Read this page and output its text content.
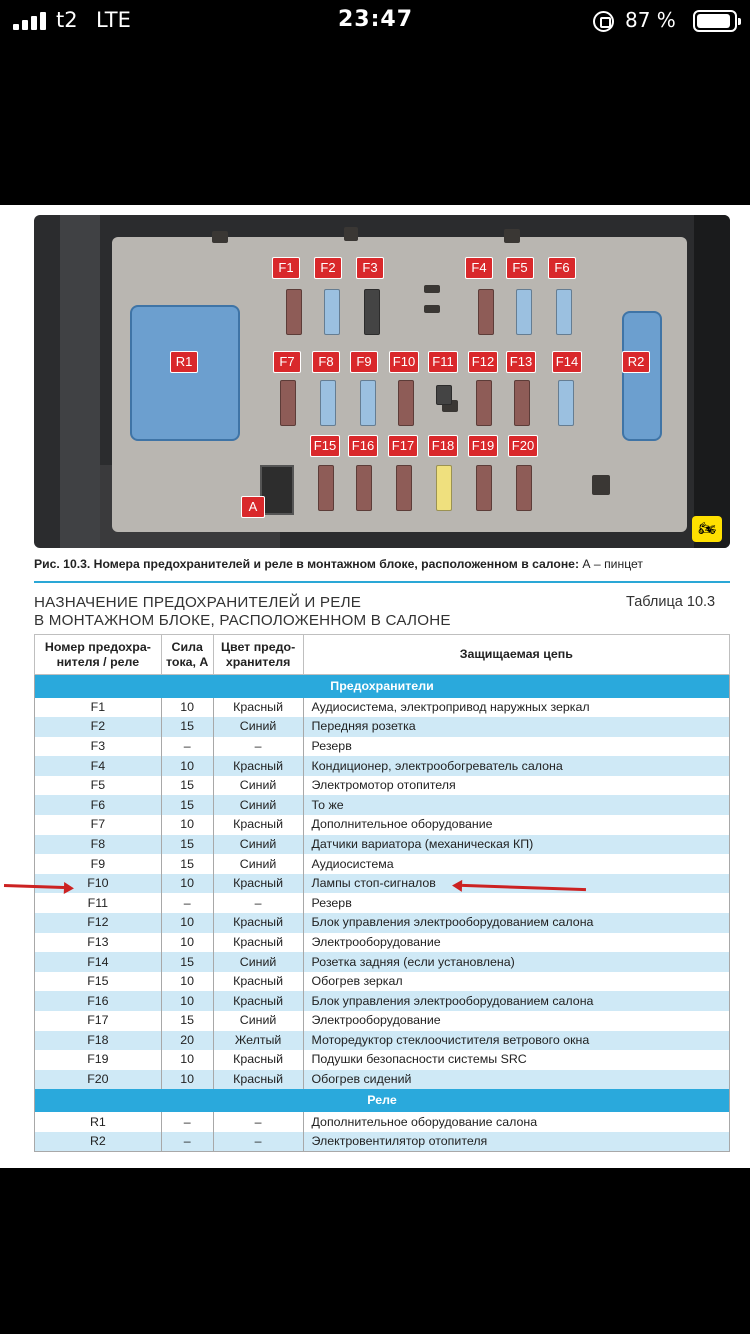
t2 LTE	23:47	87 %
F1	F2	F3	F4	F5	F6
F7	F8	F9	F10	F11	F12 F13 F14
F15 F16 F17 F18 F19 F20
R1	R2
A
🏍
Рис. 10.3. Номера предохранителей и реле в монтажном блоке, расположенном в салоне: А – пинцет
НАЗНАЧЕНИЕ ПРЕДОХРАНИТЕЛЕЙ И РЕЛЕ
В МОНТАЖНОМ БЛОКЕ, РАСПОЛОЖЕННОМ В САЛОНЕ
Таблица 10.3
Номер предохра- нителя / реле	Сила тока, А	Цвет предо- хранителя	Защищаемая цепь
Предохранители			
F1	10	Красный	Аудиосистема, электропривод наружных зеркал
F2	15	Синий	Передняя розетка
F3	–	–	Резерв
F4	10	Красный	Кондиционер, электрообогреватель салона
F5	15	Синий	Электромотор отопителя
F6	15	Синий	То же
F7	10	Красный	Дополнительное оборудование
F8	15	Синий	Датчики вариатора (механическая КП)
F9	15	Синий	Аудиосистема
F10	10	Красный	Лампы стоп-сигналов
F11	–	–	Резерв
F12	10	Красный	Блок управления электрооборудованием салона
F13	10	Красный	Электрооборудование
F14	15	Синий	Розетка задняя (если установлена)
F15	10	Красный	Обогрев зеркал
F16	10	Красный	Блок управления электрооборудованием салона
F17	15	Синий	Электрооборудование
F18	20	Желтый	Моторедуктор стеклоочистителя ветрового окна
F19	10	Красный	Подушки безопасности системы SRC
F20	10	Красный	Обогрев сидений
Реле			
R1	–	–	Дополнительное оборудование салона
R2	–	–	Электровентилятор отопителя
